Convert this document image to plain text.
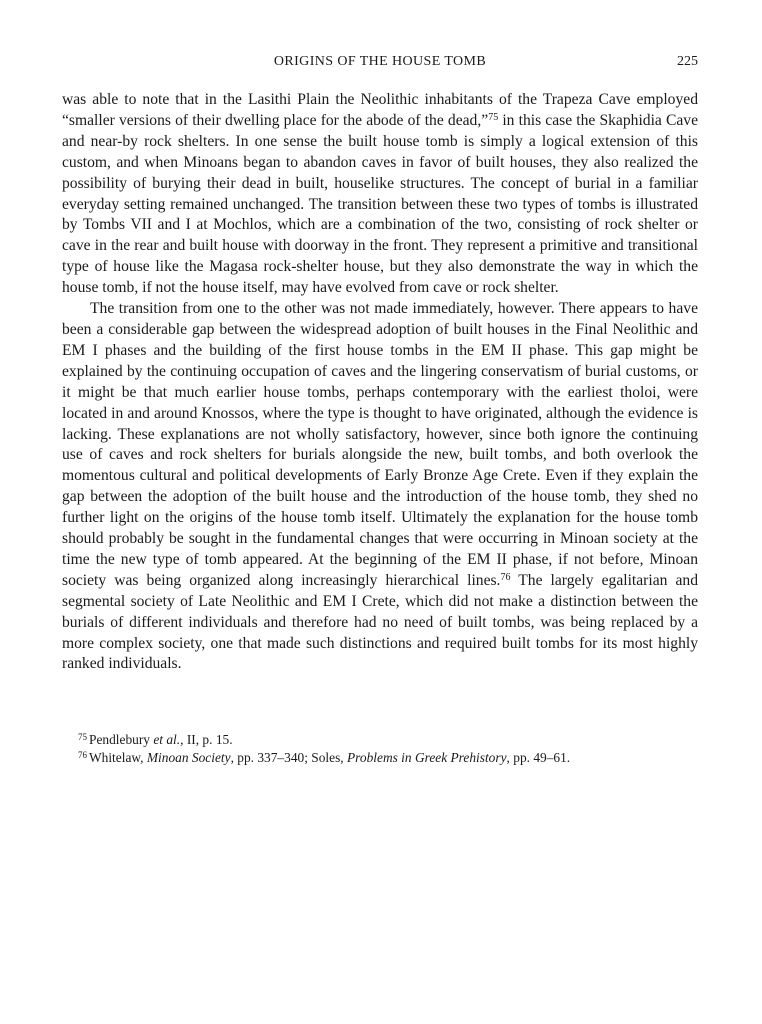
ORIGINS OF THE HOUSE TOMB	225

was able to note that in the Lasithi Plain the Neolithic inhabitants of the Trapeza Cave employed “smaller versions of their dwelling place for the abode of the dead,”$^{75}$ in this case the Skaphidia Cave and near-by rock shelters. In one sense the built house tomb is simply a logical extension of this custom, and when Minoans began to abandon caves in favor of built houses, they also realized the possibility of burying their dead in built, houselike structures. The concept of burial in a familiar everyday setting remained unchanged. The transition between these two types of tombs is illustrated by Tombs VII and I at Mochlos, which are a combination of the two, consisting of rock shelter or cave in the rear and built house with doorway in the front. They represent a primitive and transitional type of house like the Magasa rock-shelter house, but they also demonstrate the way in which the house tomb, if not the house itself, may have evolved from cave or rock shelter.

The transition from one to the other was not made immediately, however. There appears to have been a considerable gap between the widespread adoption of built houses in the Final Neolithic and EM I phases and the building of the first house tombs in the EM II phase. This gap might be explained by the continuing occupation of caves and the lingering conservatism of burial customs, or it might be that much earlier house tombs, perhaps contemporary with the earliest tholoi, were located in and around Knossos, where the type is thought to have originated, although the evidence is lacking. These explanations are not wholly satisfactory, however, since both ignore the continuing use of caves and rock shelters for burials alongside the new, built tombs, and both overlook the momentous cultural and political developments of Early Bronze Age Crete. Even if they explain the gap between the adoption of the built house and the introduction of the house tomb, they shed no further light on the origins of the house tomb itself. Ultimately the explanation for the house tomb should probably be sought in the fundamental changes that were occurring in Minoan society at the time the new type of tomb appeared. At the beginning of the EM II phase, if not before, Minoan society was being organized along increasingly hierarchical lines.$^{76}$ The largely egalitarian and segmental society of Late Neolithic and EM I Crete, which did not make a distinction between the burials of different individuals and therefore had no need of built tombs, was being replaced by a more complex society, one that made such distinctions and required built tombs for its most highly ranked individuals.

$^{75}$ Pendlebury et al., II, p. 15.

$^{76}$ Whitelaw, Minoan Society, pp. 337–340; Soles, Problems in Greek Prehistory, pp. 49–61.
